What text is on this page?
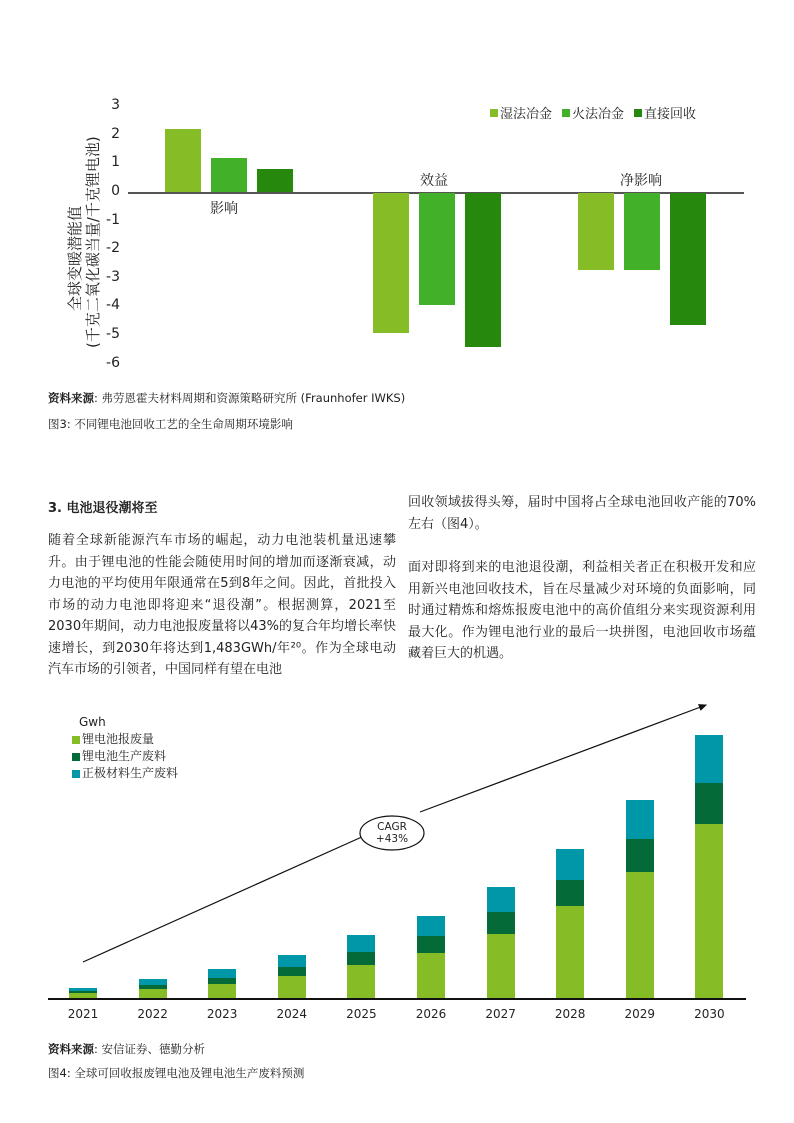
全球变暖潜能值 (千克二氧化碳当量/千克锂电池)
3
2
1
0
-1
-2
-3
-4
-5
-6
影响
效益	净影响
湿法冶金 火法冶金 直接回收
资料来源: 弗劳恩霍夫材料周期和资源策略研究所 (Fraunhofer IWKS)
图3: 不同锂电池回收工艺的全生命周期环境影响
3. 电池退役潮将至
随着全球新能源汽车市场的崛起，动力电池装机量迅速攀升。由于锂电池的性能会随使用时间的增加而逐渐衰减，动力电池的平均使用年限通常在5到8年之间。因此，首批投入市场的动力电池即将迎来“退役潮”。根据测算，2021至2030年期间，动力电池报废量将以43%的复合年均增长率快速增长，到2030年将达到1,483GWh/年²⁰。作为全球电动汽车市场的引领者，中国同样有望在电池
回收领域拔得头筹，届时中国将占全球电池回收产能的70%左右（图4）。
面对即将到来的电池退役潮，利益相关者正在积极开发和应用新兴电池回收技术，旨在尽量减少对环境的负面影响，同时通过精炼和熔炼报废电池中的高价值组分来实现资源利用最大化。作为锂电池行业的最后一块拼图，电池回收市场蕴藏着巨大的机遇。
Gwh
锂电池报废量
锂电池生产废料
正极材料生产废料
CAGR
+43%
2021	2022	2023	2024	2025	2026	2027	2028	2029	2030
资料来源: 安信证券、德勤分析
图4: 全球可回收报废锂电池及锂电池生产废料预测
